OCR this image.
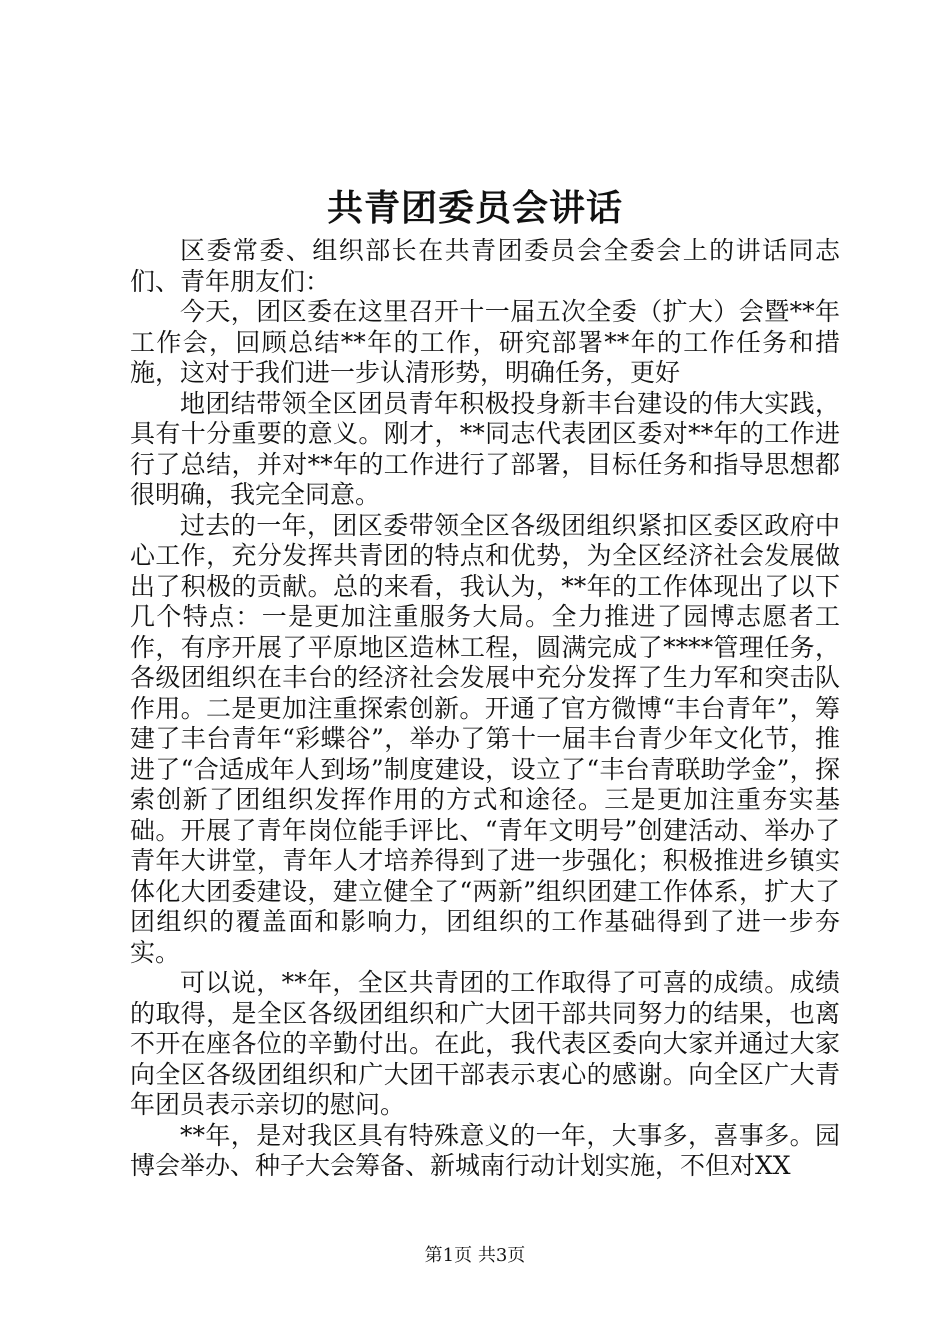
共青团委员会讲话

区委常委、组织部长在共青团委员会全委会上的讲话同志们、青年朋友们：

今天，团区委在这里召开十一届五次全委（扩大）会暨**年工作会，回顾总结**年的工作，研究部署**年的工作任务和措施，这对于我们进一步认清形势，明确任务，更好

地团结带领全区团员青年积极投身新丰台建设的伟大实践，具有十分重要的意义。刚才，**同志代表团区委对**年的工作进行了总结，并对**年的工作进行了部署，目标任务和指导思想都很明确，我完全同意。

过去的一年，团区委带领全区各级团组织紧扣区委区政府中心工作，充分发挥共青团的特点和优势，为全区经济社会发展做出了积极的贡献。总的来看，我认为，**年的工作体现出了以下几个特点：一是更加注重服务大局。全力推进了园博志愿者工作，有序开展了平原地区造林工程，圆满完成了****管理任务，各级团组织在丰台的经济社会发展中充分发挥了生力军和突击队作用。二是更加注重探索创新。开通了官方微博“丰台青年”，筹建了丰台青年“彩蝶谷”，举办了第十一届丰台青少年文化节，推进了“合适成年人到场”制度建设，设立了“丰台青联助学金”，探索创新了团组织发挥作用的方式和途径。三是更加注重夯实基础。开展了青年岗位能手评比、“青年文明号”创建活动、举办了青年大讲堂，青年人才培养得到了进一步强化；积极推进乡镇实体化大团委建设，建立健全了“两新”组织团建工作体系，扩大了团组织的覆盖面和影响力，团组织的工作基础得到了进一步夯实。

可以说，**年，全区共青团的工作取得了可喜的成绩。成绩的取得，是全区各级团组织和广大团干部共同努力的结果，也离不开在座各位的辛勤付出。在此，我代表区委向大家并通过大家向全区各级团组织和广大团干部表示衷心的感谢。向全区广大青年团员表示亲切的慰问。

**年，是对我区具有特殊意义的一年，大事多，喜事多。园博会举办、种子大会筹备、新城南行动计划实施，不但对XX

第1页 共3页
